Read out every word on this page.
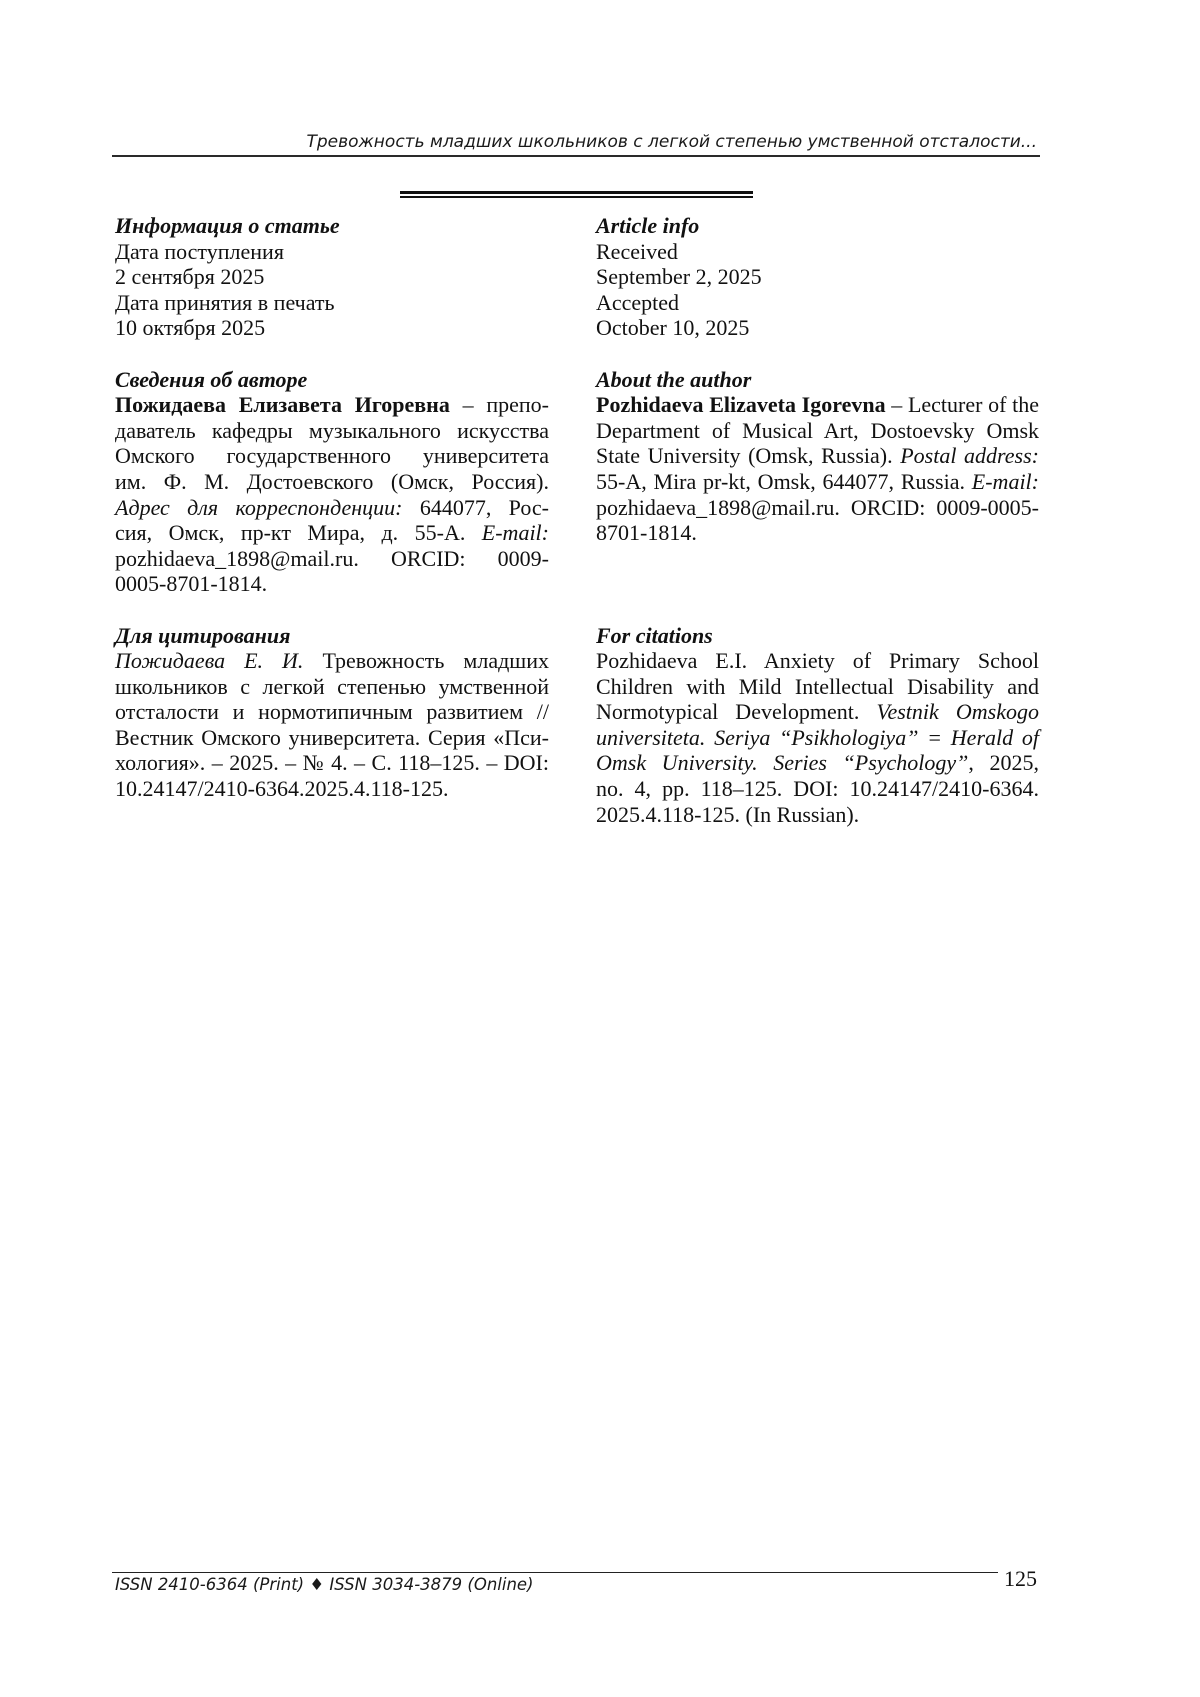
Тревожность младших школьников с легкой степенью умственной отсталости...
Информация о статье
Дата поступления
2 сентября 2025
Дата принятия в печать
10 октября 2025
Article info
Received
September 2, 2025
Accepted
October 10, 2025
Сведения об авторе
Пожидаева Елизавета Игоревна – препо-
даватель кафедры музыкального искусства
Омского государственного университета
им. Ф. М. Достоевского (Омск, Россия).
Адрес для корреспонденции: 644077, Рос-
сия, Омск, пр-кт Мира, д. 55-А. E-mail:
pozhidaeva_1898@mail.ru. ORCID: 0009-
0005-8701-1814.
About the author
Pozhidaeva Elizaveta Igorevna – Lecturer of the
Department of Musical Art, Dostoevsky Omsk
State University (Omsk, Russia). Postal address:
55-A, Mira pr-kt, Omsk, 644077, Russia. E-mail:
pozhidaeva_1898@mail.ru. ORCID: 0009-0005-
8701-1814.
Для цитирования
Пожидаева Е. И. Тревожность младших
школьников с легкой степенью умственной
отсталости и нормотипичным развитием //
Вестник Омского университета. Серия «Пси-
хология». – 2025. – № 4. – С. 118–125. – DOI:
10.24147/2410-6364.2025.4.118-125.
For citations
Pozhidaeva E.I. Anxiety of Primary School
Children with Mild Intellectual Disability and
Normotypical Development. Vestnik Omskogo
universiteta. Seriya “Psikhologiya” = Herald of
Omsk University. Series “Psychology”, 2025,
no. 4, pp. 118–125. DOI: 10.24147/2410-6364.
2025.4.118-125. (In Russian).
ISSN 2410-6364 (Print) ♦ ISSN 3034-3879 (Online)	125
